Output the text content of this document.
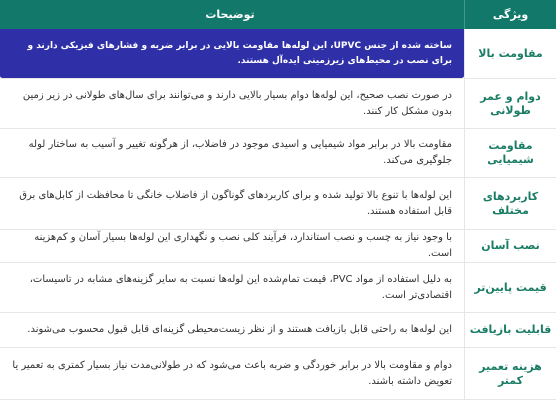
ویژگی
توضیحات
مقاومت بالا
ساخته شده از جنس UPVC، این لوله‌ها مقاومت بالایی در برابر ضربه و فشارهای فیزیکی دارند و برای نصب در محیط‌های زیرزمینی ایده‌آل هستند.
دوام و عمر طولانی
در صورت نصب صحیح، این لوله‌ها دوام بسیار بالایی دارند و می‌توانند برای سال‌های طولانی در زیر زمین بدون مشکل کار کنند.
مقاومت شیمیایی
مقاومت بالا در برابر مواد شیمیایی و اسیدی موجود در فاضلاب، از هرگونه تغییر و آسیب به ساختار لوله جلوگیری می‌کند.
کاربردهای مختلف
این لوله‌ها با تنوع بالا تولید شده و برای کاربردهای گوناگون از فاضلاب خانگی تا محافظت از کابل‌های برق قابل استفاده هستند.
نصب آسان
با وجود نیاز به چسب و نصب استاندارد، فرآیند کلی نصب و نگهداری این لوله‌ها بسیار آسان و کم‌هزینه است.
قیمت پایین‌تر
به دلیل استفاده از مواد PVC، قیمت تمام‌شده این لوله‌ها نسبت به سایر گزینه‌های مشابه در تاسیسات، اقتصادی‌تر است.
قابلیت بازیافت
این لوله‌ها به راحتی قابل بازیافت هستند و از نظر زیست‌محیطی گزینه‌ای قابل قبول محسوب می‌شوند.
هزینه تعمیر کمتر
دوام و مقاومت بالا در برابر خوردگی و ضربه باعث می‌شود که در طولانی‌مدت نیاز بسیار کمتری به تعمیر یا تعویض داشته باشند.
